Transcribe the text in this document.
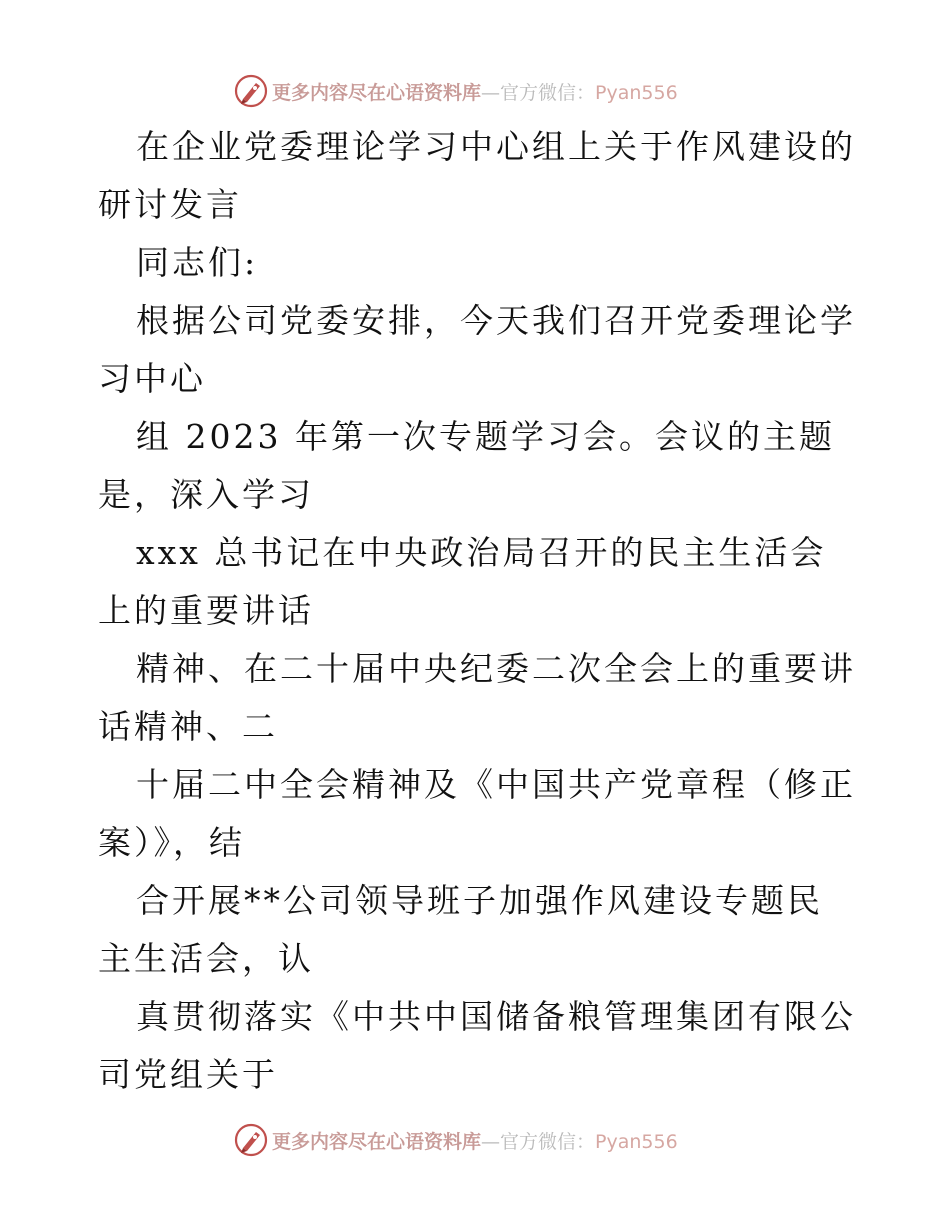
更多内容尽在心语资料库—官方微信：Pyan556

在企业党委理论学习中心组上关于作风建设的研讨发言

同志们:

根据公司党委安排，今天我们召开党委理论学习中心

组 2023 年第一次专题学习会。会议的主题是，深入学习

xxx 总书记在中央政治局召开的民主生活会上的重要讲话

精神、在二十届中央纪委二次全会上的重要讲话精神、二

十届二中全会精神及《中国共产党章程（修正案）》，结

合开展**公司领导班子加强作风建设专题民主生活会，认

真贯彻落实《中共中国储备粮管理集团有限公司党组关于

更多内容尽在心语资料库—官方微信：Pyan556
